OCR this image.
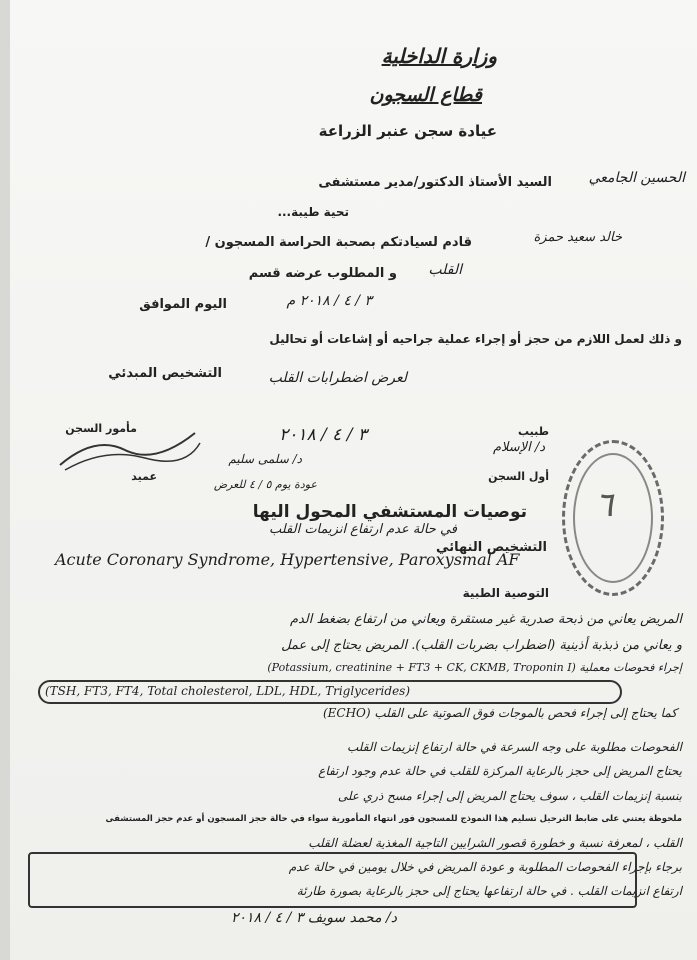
وزارة الداخلية
قطاع السجون
عيادة سجن عنبر الزراعة
السيد الأستاذ الدكتور/مدير مستشفى	الحسين الجامعي
تحية طيبة...
قادم لسيادتكم بصحبة الحراسة المسجون /	خالد سعيد حمزة
و المطلوب عرضه قسم	القلب
اليوم الموافق	٣ / ٤ / ٢٠١٨ م
و ذلك لعمل اللازم من حجز أو إجراء عملية جراحيه أو إشاعات أو تحاليل
التشخيص المبدئي	لعرض اضطرابات القلب
مأمور السجن
عميد
طبيب
أول السجن
٣ / ٤ / ٢٠١٨
د/ سلمى سليم
عودة يوم ٥ / ٤ للعرض
د/ الإسلام
٦
توصيات المستشفي المحول اليها
التشخيص النهائي
في حالة عدم ارتفاع انزيمات القلب
Acute Coronary Syndrome, Hypertensive, Paroxysmal AF
التوصية الطبية
المريض يعاني من ذبحة صدرية غير مستقرة ويعاني من ارتفاع بضغط الدم
و يعاني من ذبذبة أذينية (اضطراب بضربات القلب). المريض يحتاج إلى عمل
إجراء فحوصات معملية (Potassium, creatinine + FT3 + CK, CKMB, Troponin I)
(TSH, FT3, FT4, Total cholesterol, LDL, HDL, Triglycerides)
كما يحتاج إلى إجراء فحص بالموجات فوق الصوتية على القلب (ECHO)
الفحوصات مطلوبة على وجه السرعة في حالة ارتفاع إنزيمات القلب
يحتاج المريض إلى حجز بالرعاية المركزة للقلب في حالة عدم وجود ارتفاع
بنسبة إنزيمات القلب ، سوف يحتاج المريض إلى إجراء مسح ذري على
ملحوظة يعتني على ضابط الترحيل تسليم هذا النموذج للمسجون فور انتهاء المأمورية سواء في حالة حجز المسجون أو عدم حجز المستشفى
القلب ، لمعرفة نسبة و خطورة قصور الشرايين التاجية المغذية لعضلة القلب
برجاء بإجراء الفحوصات المطلوبة و عودة المريض في خلال يومين في حالة عدم
ارتفاع انزيمات القلب . في حالة ارتفاعها يحتاج إلى حجز بالرعاية بصورة طارئة
د/ محمد سويف ٣ / ٤ / ٢٠١٨
